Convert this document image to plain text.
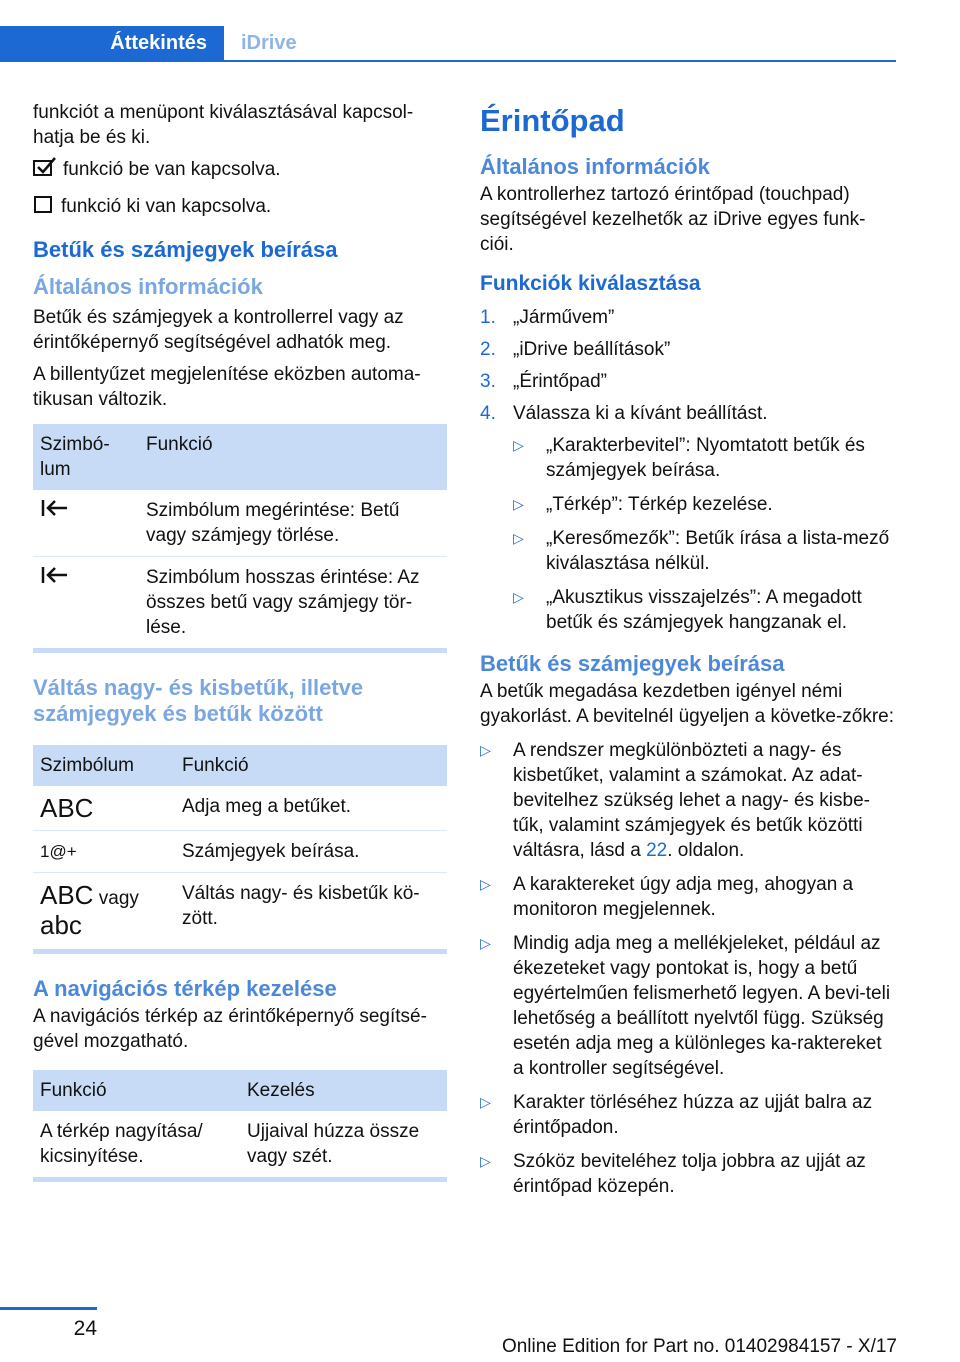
Áttekintés iDrive

funkciót a menüpont kiválasztásával kapcsol‐hatja be és ki.

funkció be van kapcsolva.
funkció ki van kapcsolva.
Betűk és számjegyek beírása
Általános információk

Betűk és számjegyek a kontrollerrel vagy az érintőképernyő segítségével adhatók meg.

A billentyűzet megjelenítése eközben automa‐tikusan változik.

Szimbó‐lum	Funkció
	Szimbólum megérintése: Betű vagy számjegy törlése.
	Szimbólum hosszas érintése: Az összes betű vagy számjegy tör‐lése.
Váltás nagy- és kisbetűk, illetve számjegyek és betűk között
Szimbólum	Funkció
ABC	Adja meg a betűket.
1@+	Számjegyek beírása.
ABC vagy
abc	Váltás nagy- és kisbetűk kö‐zött.
A navigációs térkép kezelése

A navigációs térkép az érintőképernyő segítsé‐gével mozgatható.

Funkció	Kezelés
A térkép nagyítása/ kicsinyítése.	Ujjaival húzza össze vagy szét.
Érintőpad
Általános információk

A kontrollerhez tartozó érintőpad (touchpad) segítségével kezelhetők az iDrive egyes funk‐ciói.

Funkciók kiválasztása
1. „Járművem”
2. „iDrive beállítások”
3. „Érintőpad”
4. Válassza ki a kívánt beállítást.
▷	„Karakterbevitel”: Nyomtatott betűk és számjegyek beírása.
▷	„Térkép”: Térkép kezelése.
▷	„Keresőmezők”: Betűk írása a lista‐mező kiválasztása nélkül.
▷	„Akusztikus visszajelzés”: A megadott betűk és számjegyek hangzanak el.
Betűk és számjegyek beírása

A betűk megadása kezdetben igényel némi gyakorlást. A bevitelnél ügyeljen a követke‐zőkre:

▷	A rendszer megkülönbözteti a nagy- és kisbetűket, valamint a számokat. Az adat‐bevitelhez szükség lehet a nagy- és kisbe‐tűk, valamint számjegyek és betűk közötti váltásra, lásd a 22. oldalon.
▷	A karaktereket úgy adja meg, ahogyan a monitoron megjelennek.
▷	Mindig adja meg a mellékjeleket, például az ékezeteket vagy pontokat is, hogy a betű egyértelműen felismerhető legyen. A bevi‐teli lehetőség a beállított nyelvtől függ. Szükség esetén adja meg a különleges ka‐raktereket a kontroller segítségével.
▷	Karakter törléséhez húzza az ujját balra az érintőpadon.
▷	Szóköz beviteléhez tolja jobbra az ujját az érintőpad közepén.
24
Online Edition for Part no. 01402984157 - X/17
